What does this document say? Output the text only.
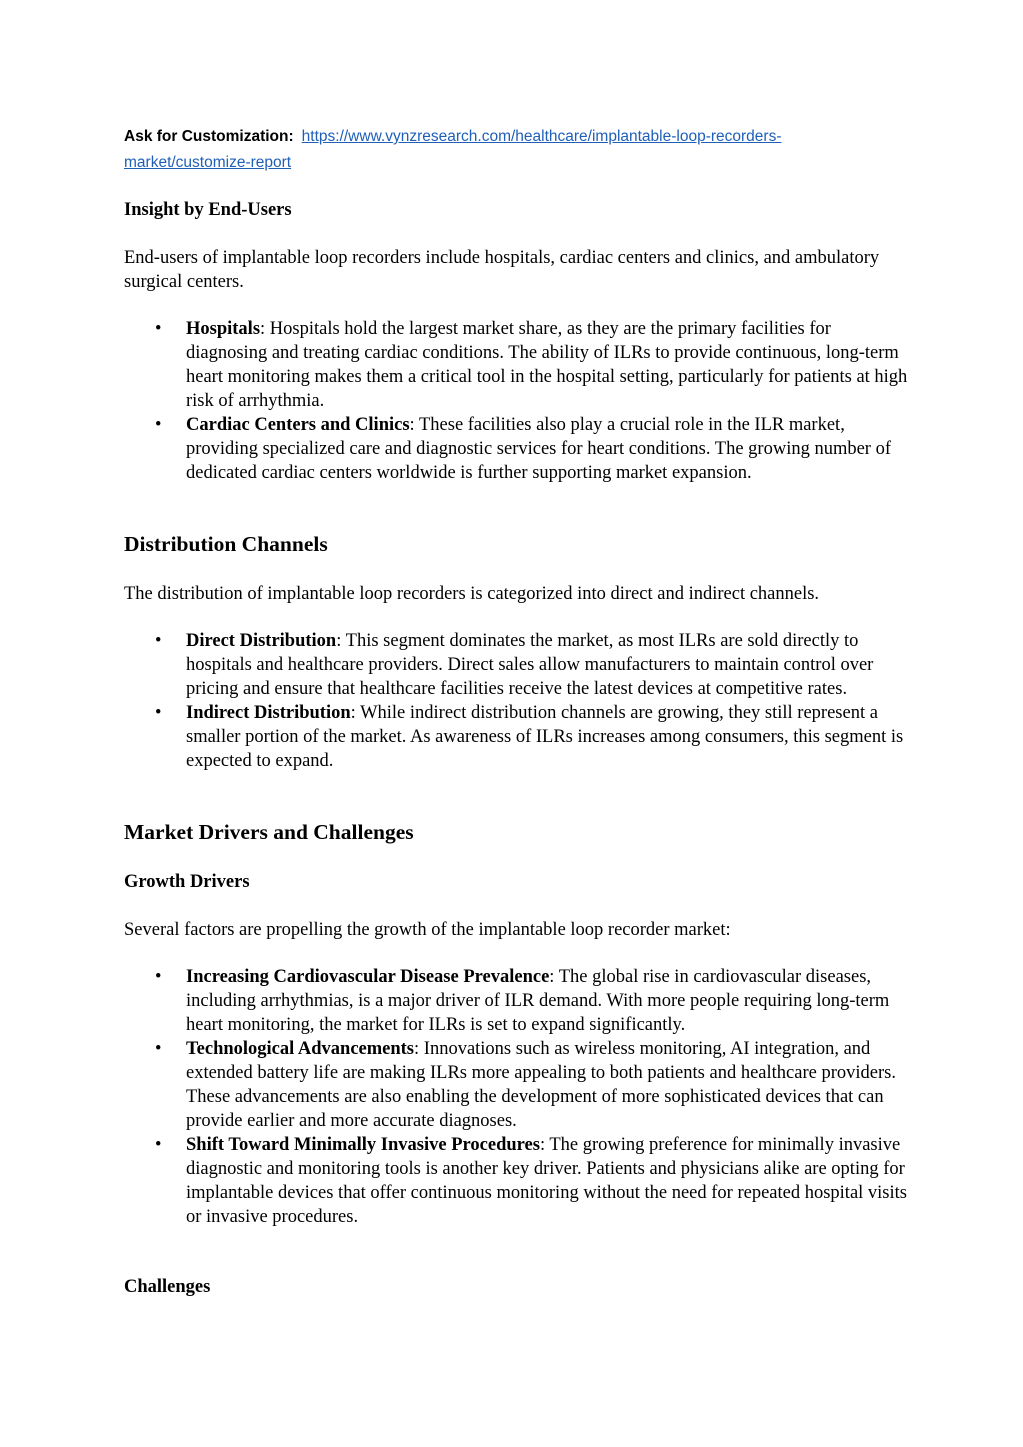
Ask for Customization: https://www.vynzresearch.com/healthcare/implantable-loop-recorders-market/customize-report

Insight by End-Users

End-users of implantable loop recorders include hospitals, cardiac centers and clinics, and ambulatory surgical centers.

• Hospitals: Hospitals hold the largest market share, as they are the primary facilities for diagnosing and treating cardiac conditions. The ability of ILRs to provide continuous, long-term heart monitoring makes them a critical tool in the hospital setting, particularly for patients at high risk of arrhythmia.
• Cardiac Centers and Clinics: These facilities also play a crucial role in the ILR market, providing specialized care and diagnostic services for heart conditions. The growing number of dedicated cardiac centers worldwide is further supporting market expansion.

Distribution Channels

The distribution of implantable loop recorders is categorized into direct and indirect channels.

• Direct Distribution: This segment dominates the market, as most ILRs are sold directly to hospitals and healthcare providers. Direct sales allow manufacturers to maintain control over pricing and ensure that healthcare facilities receive the latest devices at competitive rates.
• Indirect Distribution: While indirect distribution channels are growing, they still represent a smaller portion of the market. As awareness of ILRs increases among consumers, this segment is expected to expand.

Market Drivers and Challenges

Growth Drivers

Several factors are propelling the growth of the implantable loop recorder market:

• Increasing Cardiovascular Disease Prevalence: The global rise in cardiovascular diseases, including arrhythmias, is a major driver of ILR demand. With more people requiring long-term heart monitoring, the market for ILRs is set to expand significantly.
• Technological Advancements: Innovations such as wireless monitoring, AI integration, and extended battery life are making ILRs more appealing to both patients and healthcare providers. These advancements are also enabling the development of more sophisticated devices that can provide earlier and more accurate diagnoses.
• Shift Toward Minimally Invasive Procedures: The growing preference for minimally invasive diagnostic and monitoring tools is another key driver. Patients and physicians alike are opting for implantable devices that offer continuous monitoring without the need for repeated hospital visits or invasive procedures.

Challenges
